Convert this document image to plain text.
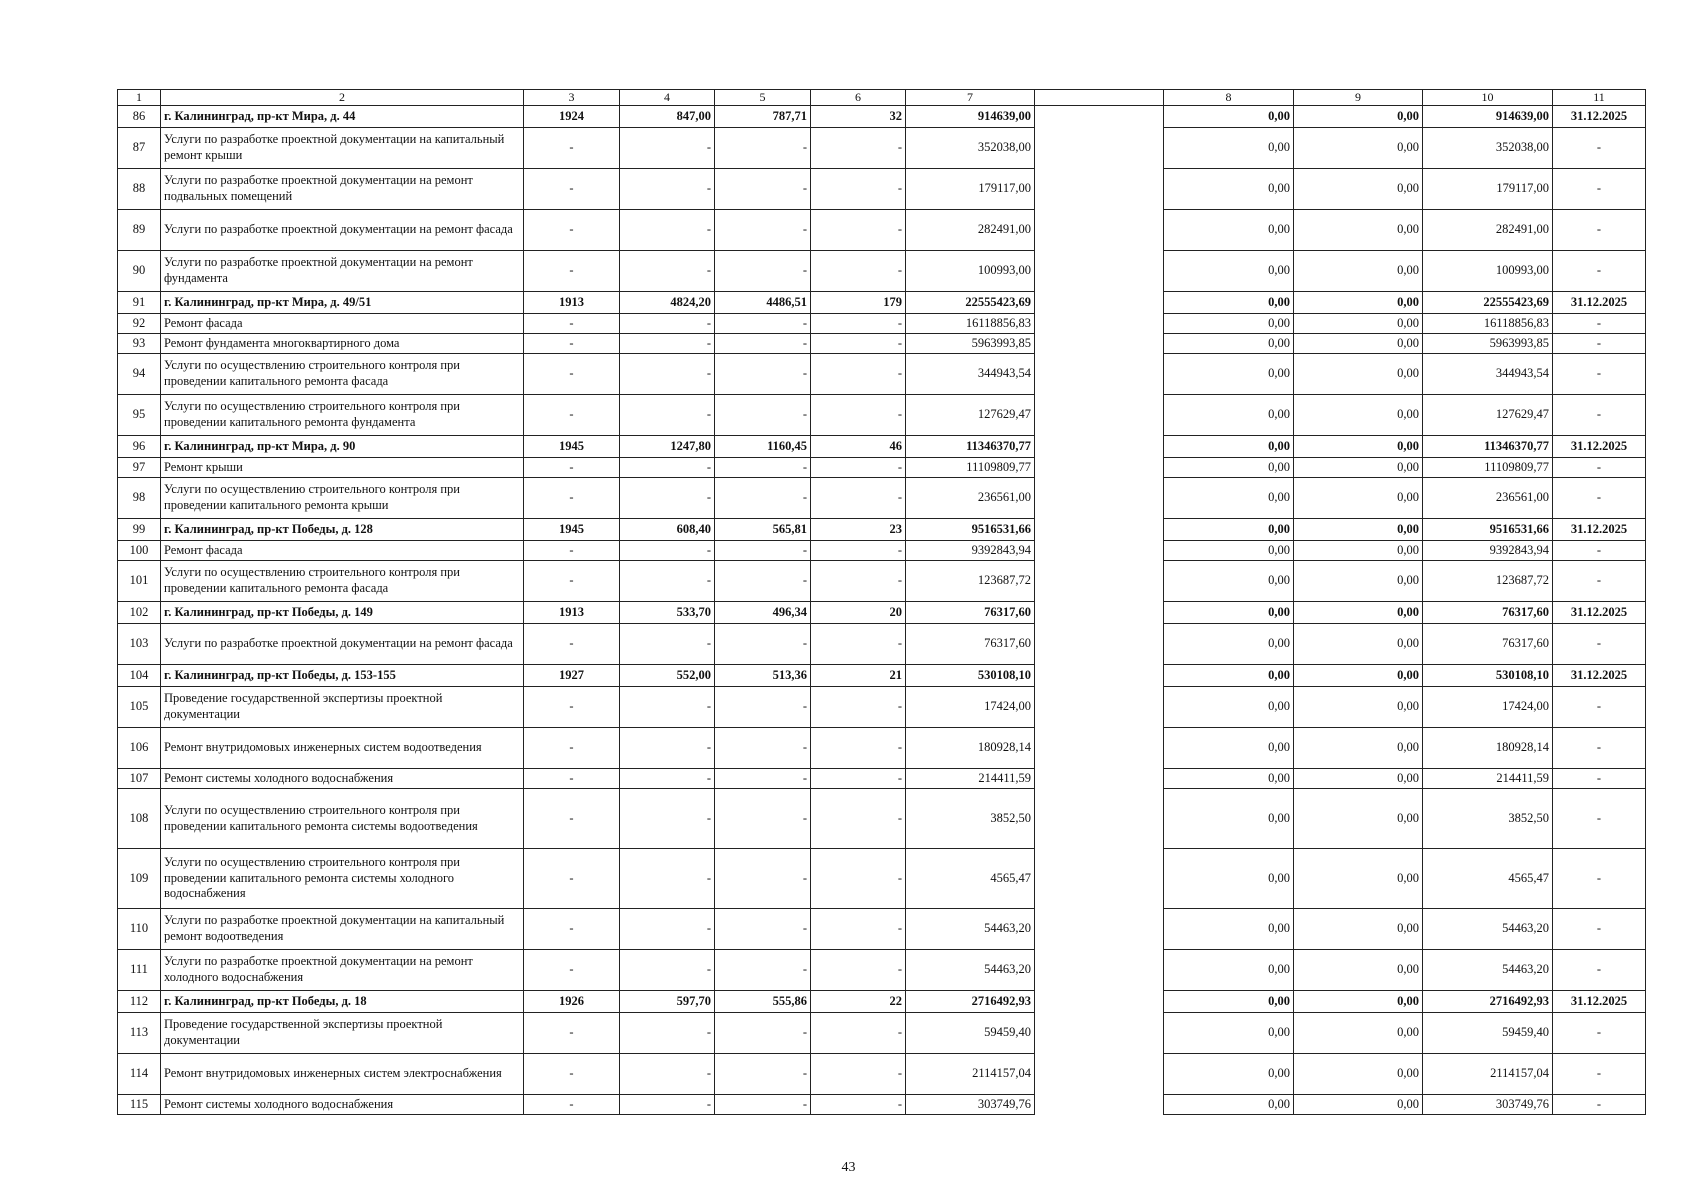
1	2	3	4	5	6	7		8	9	10	11
86	г. Калининград, пр-кт Мира, д. 44	1924	847,00	787,71	32	914639,00		0,00	0,00	914639,00	31.12.2025
87	Услуги по разработке проектной документации на капитальный ремонт крыши	-	-	-	-	352038,00		0,00	0,00	352038,00	-
88	Услуги по разработке проектной документации на ремонт подвальных помещений	-	-	-	-	179117,00		0,00	0,00	179117,00	-
89	Услуги по разработке проектной документации на ремонт фасада	-	-	-	-	282491,00		0,00	0,00	282491,00	-
90	Услуги по разработке проектной документации на ремонт фундамента	-	-	-	-	100993,00		0,00	0,00	100993,00	-
91	г. Калининград, пр-кт Мира, д. 49/51	1913	4824,20	4486,51	179	22555423,69		0,00	0,00	22555423,69	31.12.2025
92	Ремонт фасада	-	-	-	-	16118856,83		0,00	0,00	16118856,83	-
93	Ремонт фундамента многоквартирного дома	-	-	-	-	5963993,85		0,00	0,00	5963993,85	-
94	Услуги по осуществлению строительного контроля при проведении капитального ремонта фасада	-	-	-	-	344943,54		0,00	0,00	344943,54	-
95	Услуги по осуществлению строительного контроля при проведении капитального ремонта фундамента	-	-	-	-	127629,47		0,00	0,00	127629,47	-
96	г. Калининград, пр-кт Мира, д. 90	1945	1247,80	1160,45	46	11346370,77		0,00	0,00	11346370,77	31.12.2025
97	Ремонт крыши	-	-	-	-	11109809,77		0,00	0,00	11109809,77	-
98	Услуги по осуществлению строительного контроля при проведении капитального ремонта крыши	-	-	-	-	236561,00		0,00	0,00	236561,00	-
99	г. Калининград, пр-кт Победы, д. 128	1945	608,40	565,81	23	9516531,66		0,00	0,00	9516531,66	31.12.2025
100	Ремонт фасада	-	-	-	-	9392843,94		0,00	0,00	9392843,94	-
101	Услуги по осуществлению строительного контроля при проведении капитального ремонта фасада	-	-	-	-	123687,72		0,00	0,00	123687,72	-
102	г. Калининград, пр-кт Победы, д. 149	1913	533,70	496,34	20	76317,60		0,00	0,00	76317,60	31.12.2025
103	Услуги по разработке проектной документации на ремонт фасада	-	-	-	-	76317,60		0,00	0,00	76317,60	-
104	г. Калининград, пр-кт Победы, д. 153-155	1927	552,00	513,36	21	530108,10		0,00	0,00	530108,10	31.12.2025
105	Проведение государственной экспертизы проектной документации	-	-	-	-	17424,00		0,00	0,00	17424,00	-
106	Ремонт внутридомовых инженерных систем водоотведения	-	-	-	-	180928,14		0,00	0,00	180928,14	-
107	Ремонт системы холодного водоснабжения	-	-	-	-	214411,59		0,00	0,00	214411,59	-
108	Услуги по осуществлению строительного контроля при проведении капитального ремонта системы водоотведения	-	-	-	-	3852,50		0,00	0,00	3852,50	-
109	Услуги по осуществлению строительного контроля при проведении капитального ремонта системы холодного водоснабжения	-	-	-	-	4565,47		0,00	0,00	4565,47	-
110	Услуги по разработке проектной документации на капитальный ремонт водоотведения	-	-	-	-	54463,20		0,00	0,00	54463,20	-
111	Услуги по разработке проектной документации на ремонт холодного водоснабжения	-	-	-	-	54463,20		0,00	0,00	54463,20	-
112	г. Калининград, пр-кт Победы, д. 18	1926	597,70	555,86	22	2716492,93		0,00	0,00	2716492,93	31.12.2025
113	Проведение государственной экспертизы проектной документации	-	-	-	-	59459,40		0,00	0,00	59459,40	-
114	Ремонт внутридомовых инженерных систем электроснабжения	-	-	-	-	2114157,04		0,00	0,00	2114157,04	-
115	Ремонт системы холодного водоснабжения	-	-	-	-	303749,76		0,00	0,00	303749,76	-
43
